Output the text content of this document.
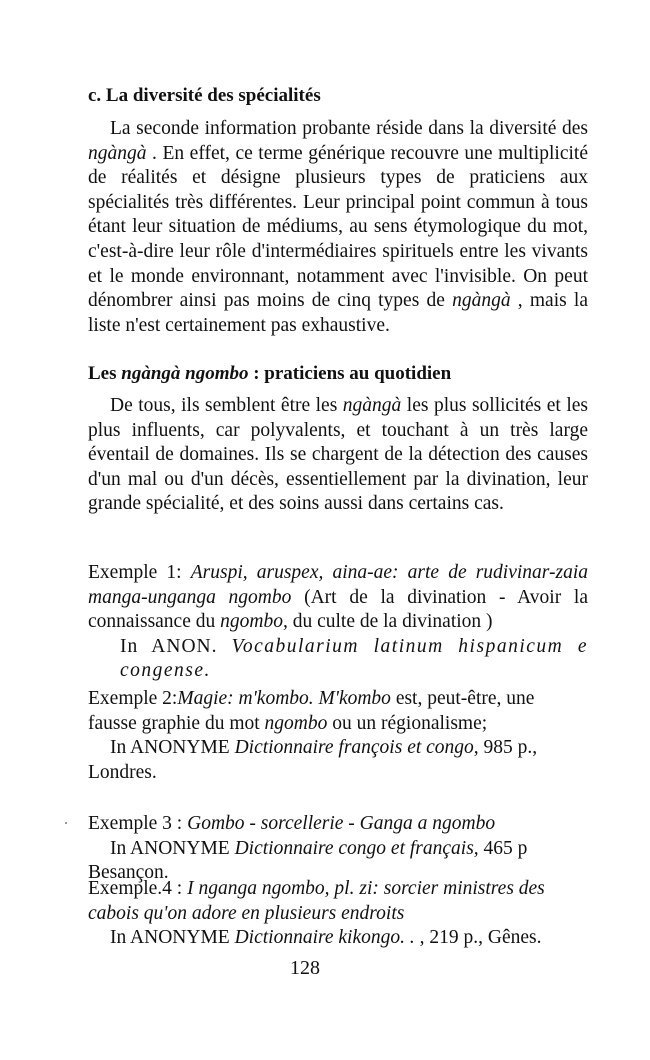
c. La diversité des spécialités

La seconde information probante réside dans la diversité des ngàngà . En effet, ce terme générique recouvre une multiplicité de réalités et désigne plusieurs types de praticiens aux spécialités très différentes. Leur principal point commun à tous étant leur situation de médiums, au sens étymologique du mot, c'est-à-dire leur rôle d'intermédiaires spirituels entre les vivants et le monde environnant, notamment avec l'invisible. On peut dénombrer ainsi pas moins de cinq types de ngàngà , mais la liste n'est certainement pas exhaustive.

Les ngàngà ngombo : praticiens au quotidien

De tous, ils semblent être les ngàngà les plus sollicités et les plus influents, car polyvalents, et touchant à un très large éventail de domaines. Ils se chargent de la détection des causes d'un mal ou d'un décès, essentiellement par la divination, leur grande spécialité, et des soins aussi dans certains cas.

Exemple 1: Aruspi, aruspex, aina-ae: arte de rudivinar-zaia manga-unganga ngombo (Art de la divination - Avoir la connaissance du ngombo, du culte de la divination )
In ANON. Vocabularium latinum hispanicum e congense.
Exemple 2:Magie: m'kombo. M'kombo est, peut-être, une fausse graphie du mot ngombo ou un régionalisme;
In ANONYME Dictionnaire françois et congo, 985 p., Londres.
Exemple 3 : Gombo - sorcellerie - Ganga a ngombo
In ANONYME Dictionnaire congo et français, 465 p Besançon.
Exemple.4 : I nganga ngombo, pl. zi: sorcier ministres des cabois qu'on adore en plusieurs endroits
In ANONYME Dictionnaire kikongo. . , 219 p., Gênes.
128
